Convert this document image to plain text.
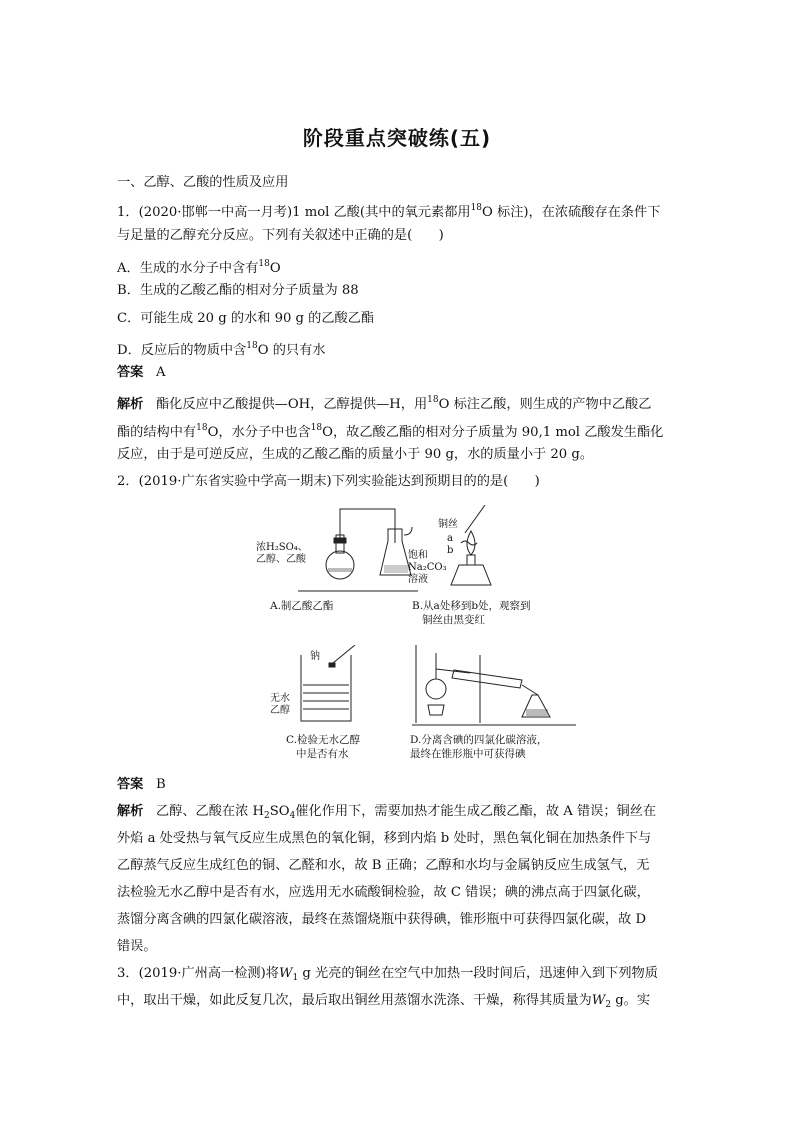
阶段重点突破练(五)
一、乙醇、乙酸的性质及应用
1．(2020·邯郸一中高一月考)1 mol 乙酸(其中的氧元素都用$^{18}$O 标注)，在浓硫酸存在条件下
与足量的乙醇充分反应。下列有关叙述中正确的是(　　)
A．生成的水分子中含有$^{18}$O
B．生成的乙酸乙酯的相对分子质量为 88
C．可能生成 20 g 的水和 90 g 的乙酸乙酯
D．反应后的物质中含$^{18}$O 的只有水
答案 A
解析 酯化反应中乙酸提供—OH，乙醇提供—H，用$^{18}$O 标注乙酸，则生成的产物中乙酸乙
酯的结构中有$^{18}$O，水分子中也含$^{18}$O，故乙酸乙酯的相对分子质量为 90,1 mol 乙酸发生酯化
反应，由于是可逆反应，生成的乙酸乙酯的质量小于 90 g，水的质量小于 20 g。
2．(2019·广东省实验中学高一期末)下列实验能达到预期目的的是(　　)
浓H₂SO₄、
乙醇、乙酸	饱和
Na₂CO₃
溶液
A.制乙酸乙酯
铜丝
a
b
B.从a处移到b处，观察到
铜丝由黑变红
钠
无水
乙醇
C.检验无水乙醇
中是否有水
D.分离含碘的四氯化碳溶液，
最终在锥形瓶中可获得碘
答案 B
解析 乙醇、乙酸在浓 $H_2SO_4$催化作用下，需要加热才能生成乙酸乙酯，故 A 错误；铜丝在
外焰 a 处受热与氧气反应生成黑色的氧化铜，移到内焰 b 处时，黑色氧化铜在加热条件下与
乙醇蒸气反应生成红色的铜、乙醛和水，故 B 正确；乙醇和水均与金属钠反应生成氢气，无
法检验无水乙醇中是否有水，应选用无水硫酸铜检验，故 C 错误；碘的沸点高于四氯化碳，
蒸馏分离含碘的四氯化碳溶液，最终在蒸馏烧瓶中获得碘，锥形瓶中可获得四氯化碳，故 D
错误。
3．(2019·广州高一检测)将$W_1$ g 光亮的铜丝在空气中加热一段时间后，迅速伸入到下列物质
中，取出干燥，如此反复几次，最后取出铜丝用蒸馏水洗涤、干燥，称得其质量为$W_2$ g。实
